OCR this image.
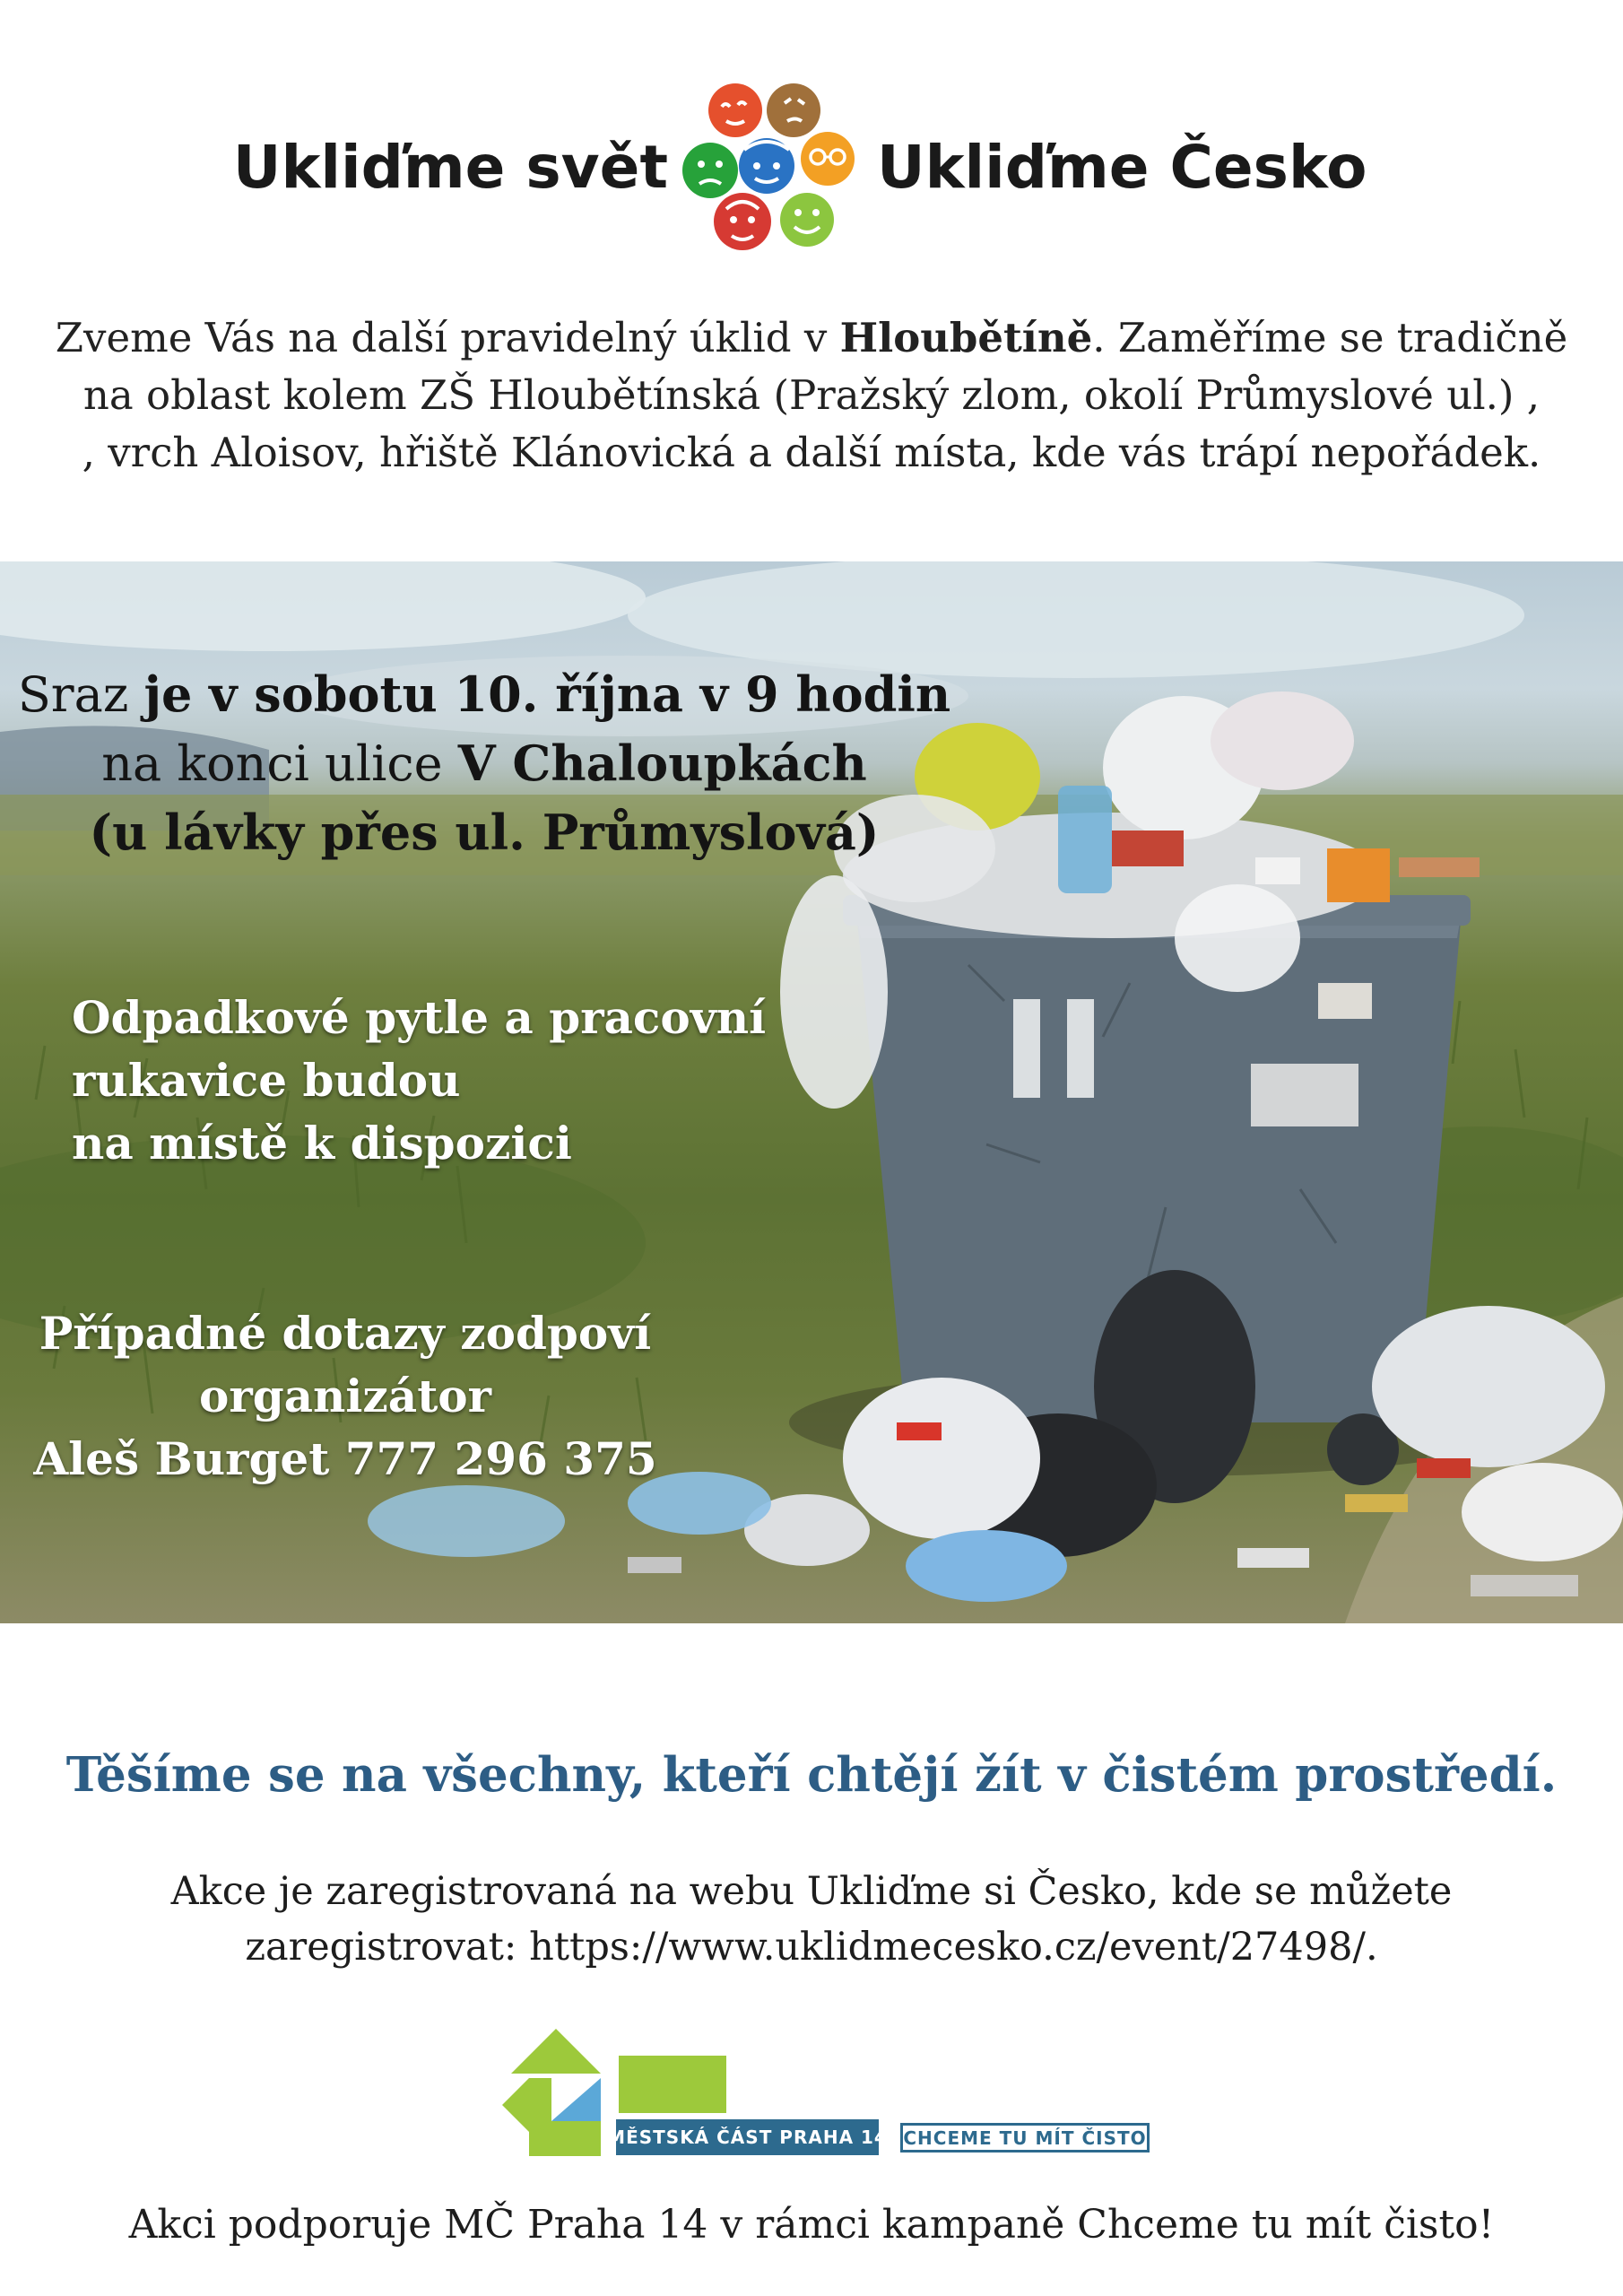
Ukliďme svět	Ukliďme Česko
Zveme Vás na další pravidelný úklid v Hloubětíně. Zaměříme se tradičně
na oblast kolem ZŠ Hloubětínská (Pražský zlom, okolí Průmyslové ul.) ,
, vrch Aloisov, hřiště Klánovická a další místa, kde vás trápí nepořádek.
Sraz je v sobotu 10. října v 9 hodin
na konci ulice V Chaloupkách
(u lávky přes ul. Průmyslová)
Odpadkové pytle a pracovní
rukavice budou
na místě k dispozici
Případné dotazy zodpoví
organizátor
Aleš Burget 777 296 375
Těšíme se na všechny, kteří chtějí žít v čistém prostředí.
Akce je zaregistrovaná na webu Ukliďme si Česko, kde se můžete
zaregistrovat: https://www.uklidmecesko.cz/event/27498/.
MĚSTSKÁ ČÁST PRAHA 14 CHCEME TU MÍT ČISTO
Akci podporuje MČ Praha 14 v rámci kampaně Chceme tu mít čisto!
